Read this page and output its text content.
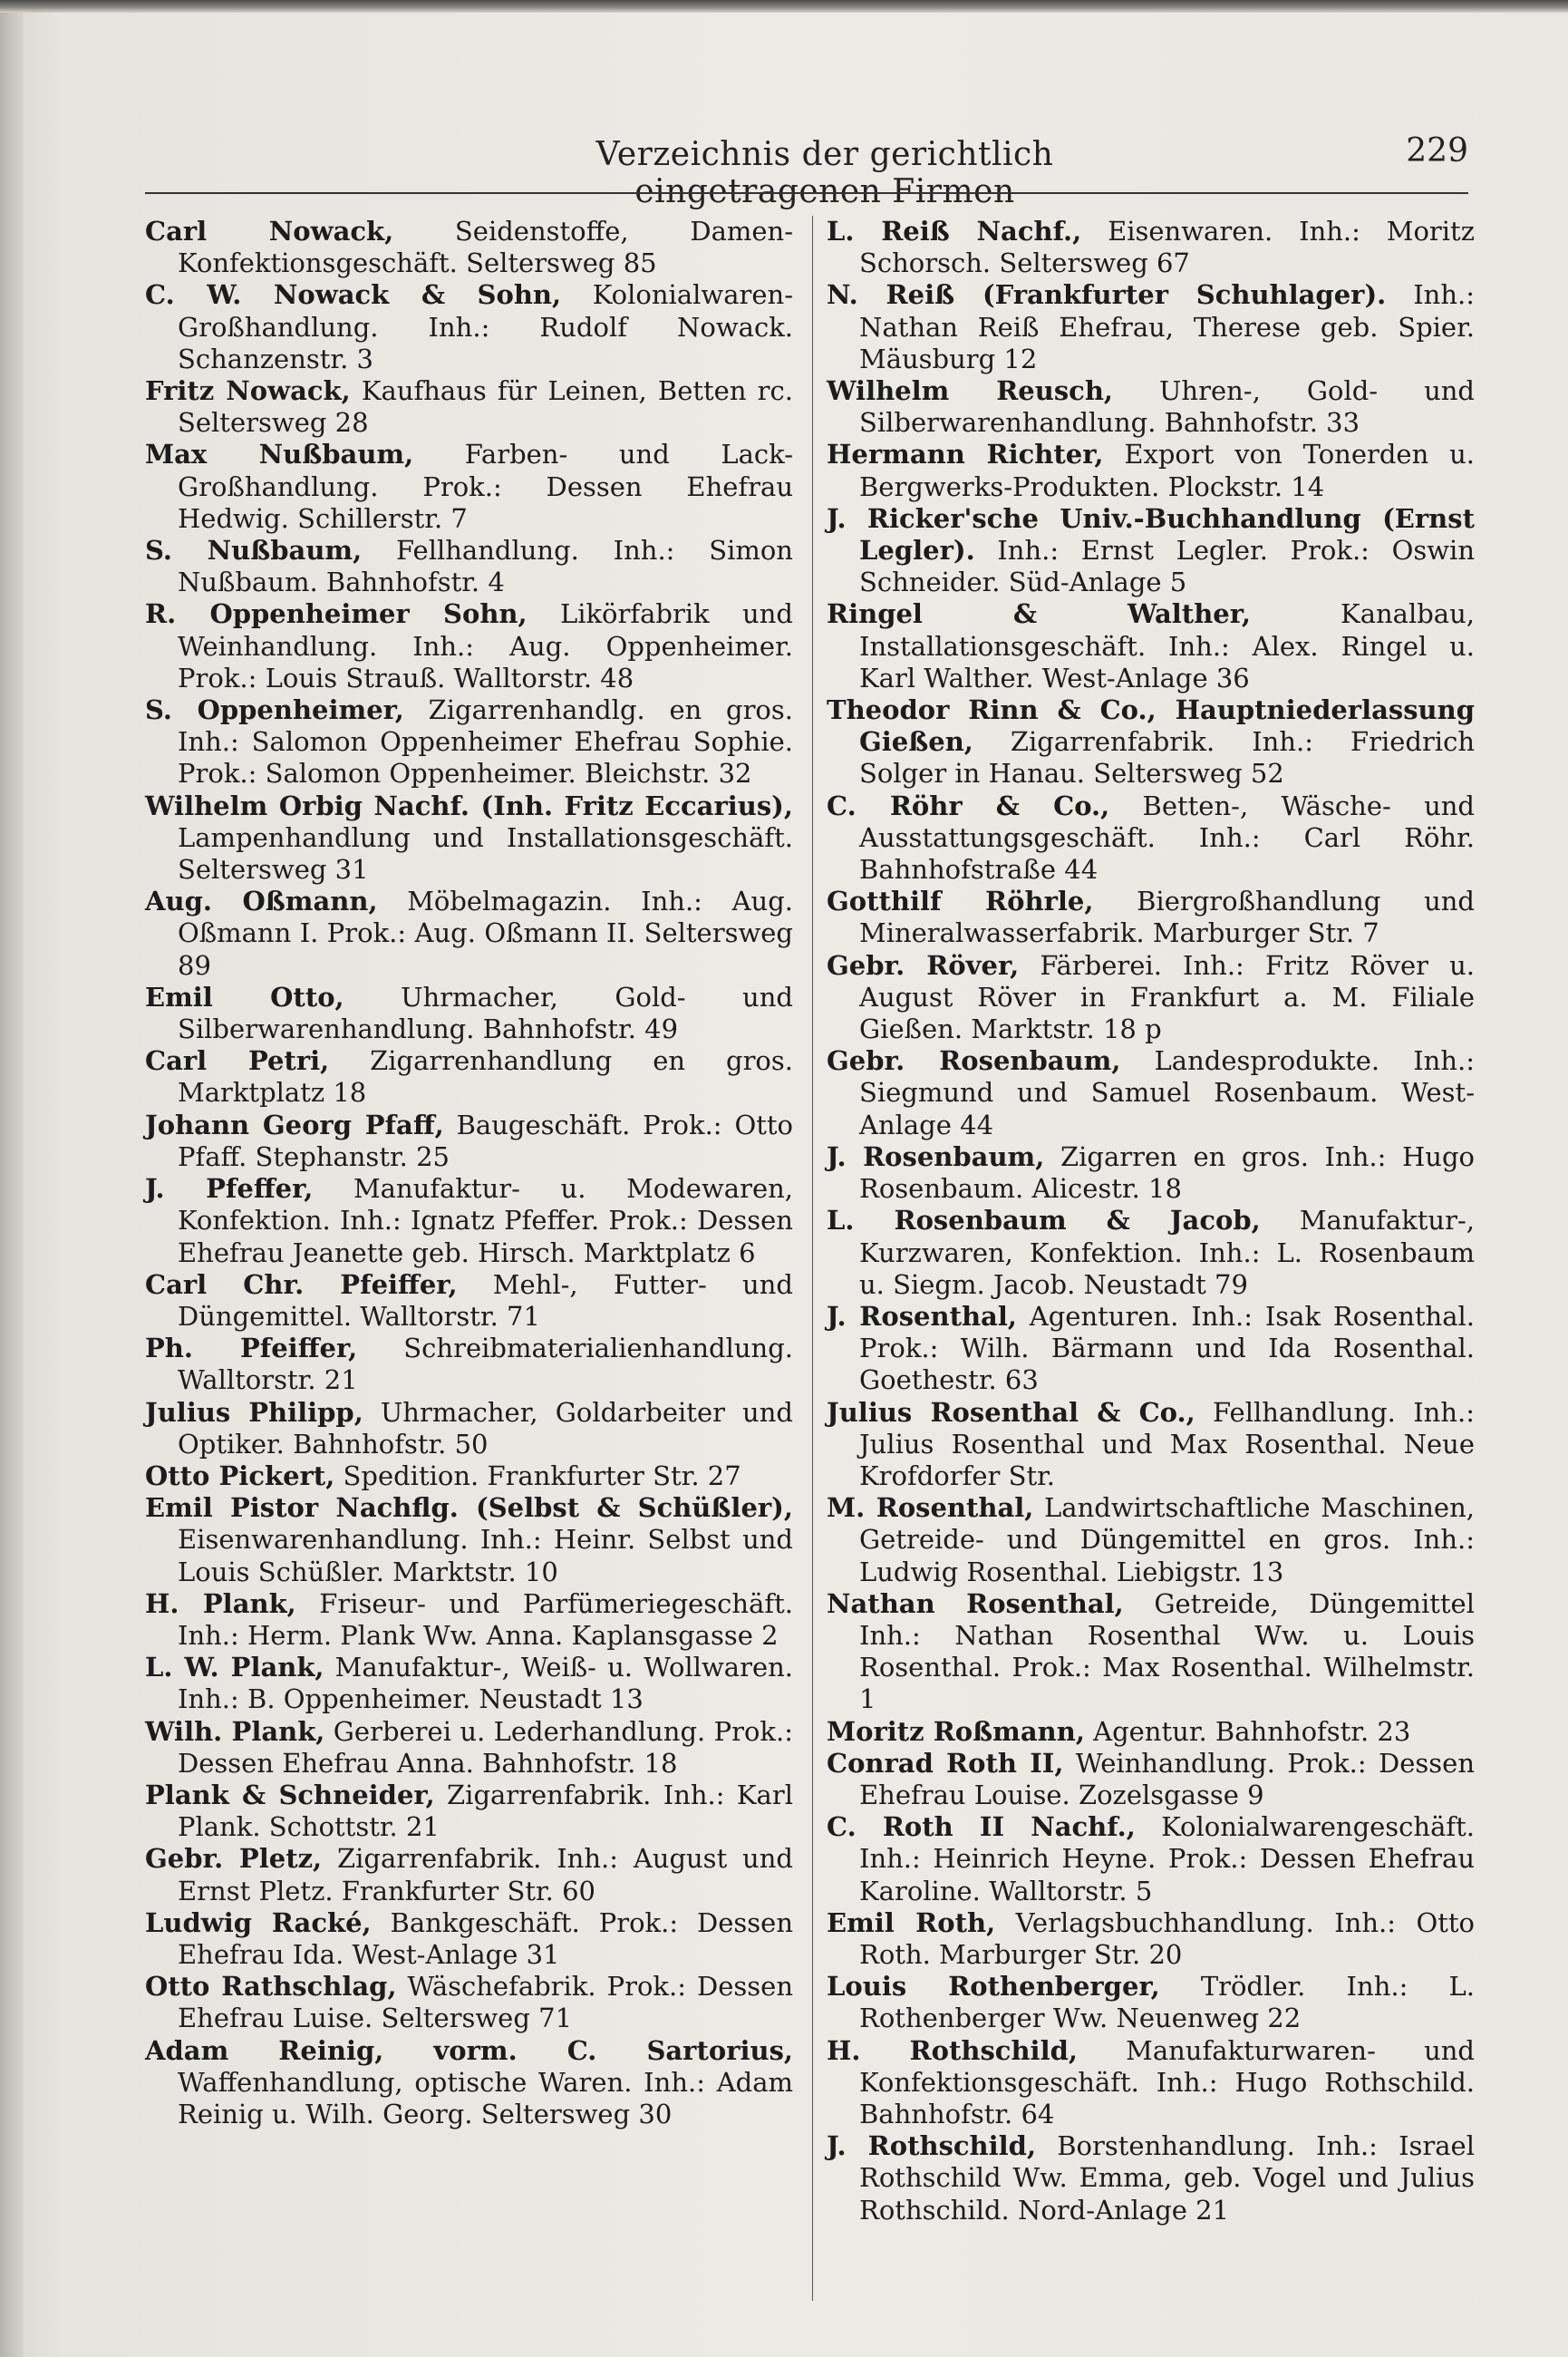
Verzeichnis der gerichtlich eingetragenen Firmen
229

Carl Nowack, Seidenstoffe, Damen-Konfektionsgeschäft. Seltersweg 85

C. W. Nowack & Sohn, Kolonialwaren-Großhandlung. Inh.: Rudolf Nowack. Schanzenstr. 3

Fritz Nowack, Kaufhaus für Leinen, Betten rc. Seltersweg 28

Max Nußbaum, Farben- und Lack-Großhandlung. Prok.: Dessen Ehefrau Hedwig. Schillerstr. 7

S. Nußbaum, Fellhandlung. Inh.: Simon Nußbaum. Bahnhofstr. 4

R. Oppenheimer Sohn, Likörfabrik und Weinhandlung. Inh.: Aug. Oppenheimer. Prok.: Louis Strauß. Walltorstr. 48

S. Oppenheimer, Zigarrenhandlg. en gros. Inh.: Salomon Oppenheimer Ehefrau Sophie. Prok.: Salomon Oppenheimer. Bleichstr. 32

Wilhelm Orbig Nachf. (Inh. Fritz Eccarius), Lampenhandlung und Installationsgeschäft. Seltersweg 31

Aug. Oßmann, Möbelmagazin. Inh.: Aug. Oßmann I. Prok.: Aug. Oßmann II. Seltersweg 89

Emil Otto, Uhrmacher, Gold- und Silberwarenhandlung. Bahnhofstr. 49

Carl Petri, Zigarrenhandlung en gros. Marktplatz 18

Johann Georg Pfaff, Baugeschäft. Prok.: Otto Pfaff. Stephanstr. 25

J. Pfeffer, Manufaktur- u. Modewaren, Konfektion. Inh.: Ignatz Pfeffer. Prok.: Dessen Ehefrau Jeanette geb. Hirsch. Marktplatz 6

Carl Chr. Pfeiffer, Mehl-, Futter- und Düngemittel. Walltorstr. 71

Ph. Pfeiffer, Schreibmaterialienhandlung. Walltorstr. 21

Julius Philipp, Uhrmacher, Goldarbeiter und Optiker. Bahnhofstr. 50

Otto Pickert, Spedition. Frankfurter Str. 27

Emil Pistor Nachflg. (Selbst & Schüßler), Eisenwarenhandlung. Inh.: Heinr. Selbst und Louis Schüßler. Marktstr. 10

H. Plank, Friseur- und Parfümeriegeschäft. Inh.: Herm. Plank Ww. Anna. Kaplansgasse 2

L. W. Plank, Manufaktur-, Weiß- u. Wollwaren. Inh.: B. Oppenheimer. Neustadt 13

Wilh. Plank, Gerberei u. Lederhandlung. Prok.: Dessen Ehefrau Anna. Bahnhofstr. 18

Plank & Schneider, Zigarrenfabrik. Inh.: Karl Plank. Schottstr. 21

Gebr. Pletz, Zigarrenfabrik. Inh.: August und Ernst Pletz. Frankfurter Str. 60

Ludwig Racké, Bankgeschäft. Prok.: Dessen Ehefrau Ida. West-Anlage 31

Otto Rathschlag, Wäschefabrik. Prok.: Dessen Ehefrau Luise. Seltersweg 71

Adam Reinig, vorm. C. Sartorius, Waffenhandlung, optische Waren. Inh.: Adam Reinig u. Wilh. Georg. Seltersweg 30

L. Reiß Nachf., Eisenwaren. Inh.: Moritz Schorsch. Seltersweg 67

N. Reiß (Frankfurter Schuhlager). Inh.: Nathan Reiß Ehefrau, Therese geb. Spier. Mäusburg 12

Wilhelm Reusch, Uhren-, Gold- und Silberwarenhandlung. Bahnhofstr. 33

Hermann Richter, Export von Tonerden u. Bergwerks-Produkten. Plockstr. 14

J. Ricker'sche Univ.-Buchhandlung (Ernst Legler). Inh.: Ernst Legler. Prok.: Oswin Schneider. Süd-Anlage 5

Ringel & Walther, Kanalbau, Installationsgeschäft. Inh.: Alex. Ringel u. Karl Walther. West-Anlage 36

Theodor Rinn & Co., Hauptniederlassung Gießen, Zigarrenfabrik. Inh.: Friedrich Solger in Hanau. Seltersweg 52

C. Röhr & Co., Betten-, Wäsche- und Ausstattungsgeschäft. Inh.: Carl Röhr. Bahnhofstraße 44

Gotthilf Röhrle, Biergroßhandlung und Mineralwasserfabrik. Marburger Str. 7

Gebr. Röver, Färberei. Inh.: Fritz Röver u. August Röver in Frankfurt a. M. Filiale Gießen. Marktstr. 18 p

Gebr. Rosenbaum, Landesprodukte. Inh.: Siegmund und Samuel Rosenbaum. West-Anlage 44

J. Rosenbaum, Zigarren en gros. Inh.: Hugo Rosenbaum. Alicestr. 18

L. Rosenbaum & Jacob, Manufaktur-, Kurzwaren, Konfektion. Inh.: L. Rosenbaum u. Siegm. Jacob. Neustadt 79

J. Rosenthal, Agenturen. Inh.: Isak Rosenthal. Prok.: Wilh. Bärmann und Ida Rosenthal. Goethestr. 63

Julius Rosenthal & Co., Fellhandlung. Inh.: Julius Rosenthal und Max Rosenthal. Neue Krofdorfer Str.

M. Rosenthal, Landwirtschaftliche Maschinen, Getreide- und Düngemittel en gros. Inh.: Ludwig Rosenthal. Liebigstr. 13

Nathan Rosenthal, Getreide, Düngemittel Inh.: Nathan Rosenthal Ww. u. Louis Rosenthal. Prok.: Max Rosenthal. Wilhelmstr. 1

Moritz Roßmann, Agentur. Bahnhofstr. 23

Conrad Roth II, Weinhandlung. Prok.: Dessen Ehefrau Louise. Zozelsgasse 9

C. Roth II Nachf., Kolonialwarengeschäft. Inh.: Heinrich Heyne. Prok.: Dessen Ehefrau Karoline. Walltorstr. 5

Emil Roth, Verlagsbuchhandlung. Inh.: Otto Roth. Marburger Str. 20

Louis Rothenberger, Trödler. Inh.: L. Rothenberger Ww. Neuenweg 22

H. Rothschild, Manufakturwaren- und Konfektionsgeschäft. Inh.: Hugo Rothschild. Bahnhofstr. 64

J. Rothschild, Borstenhandlung. Inh.: Israel Rothschild Ww. Emma, geb. Vogel und Julius Rothschild. Nord-Anlage 21
